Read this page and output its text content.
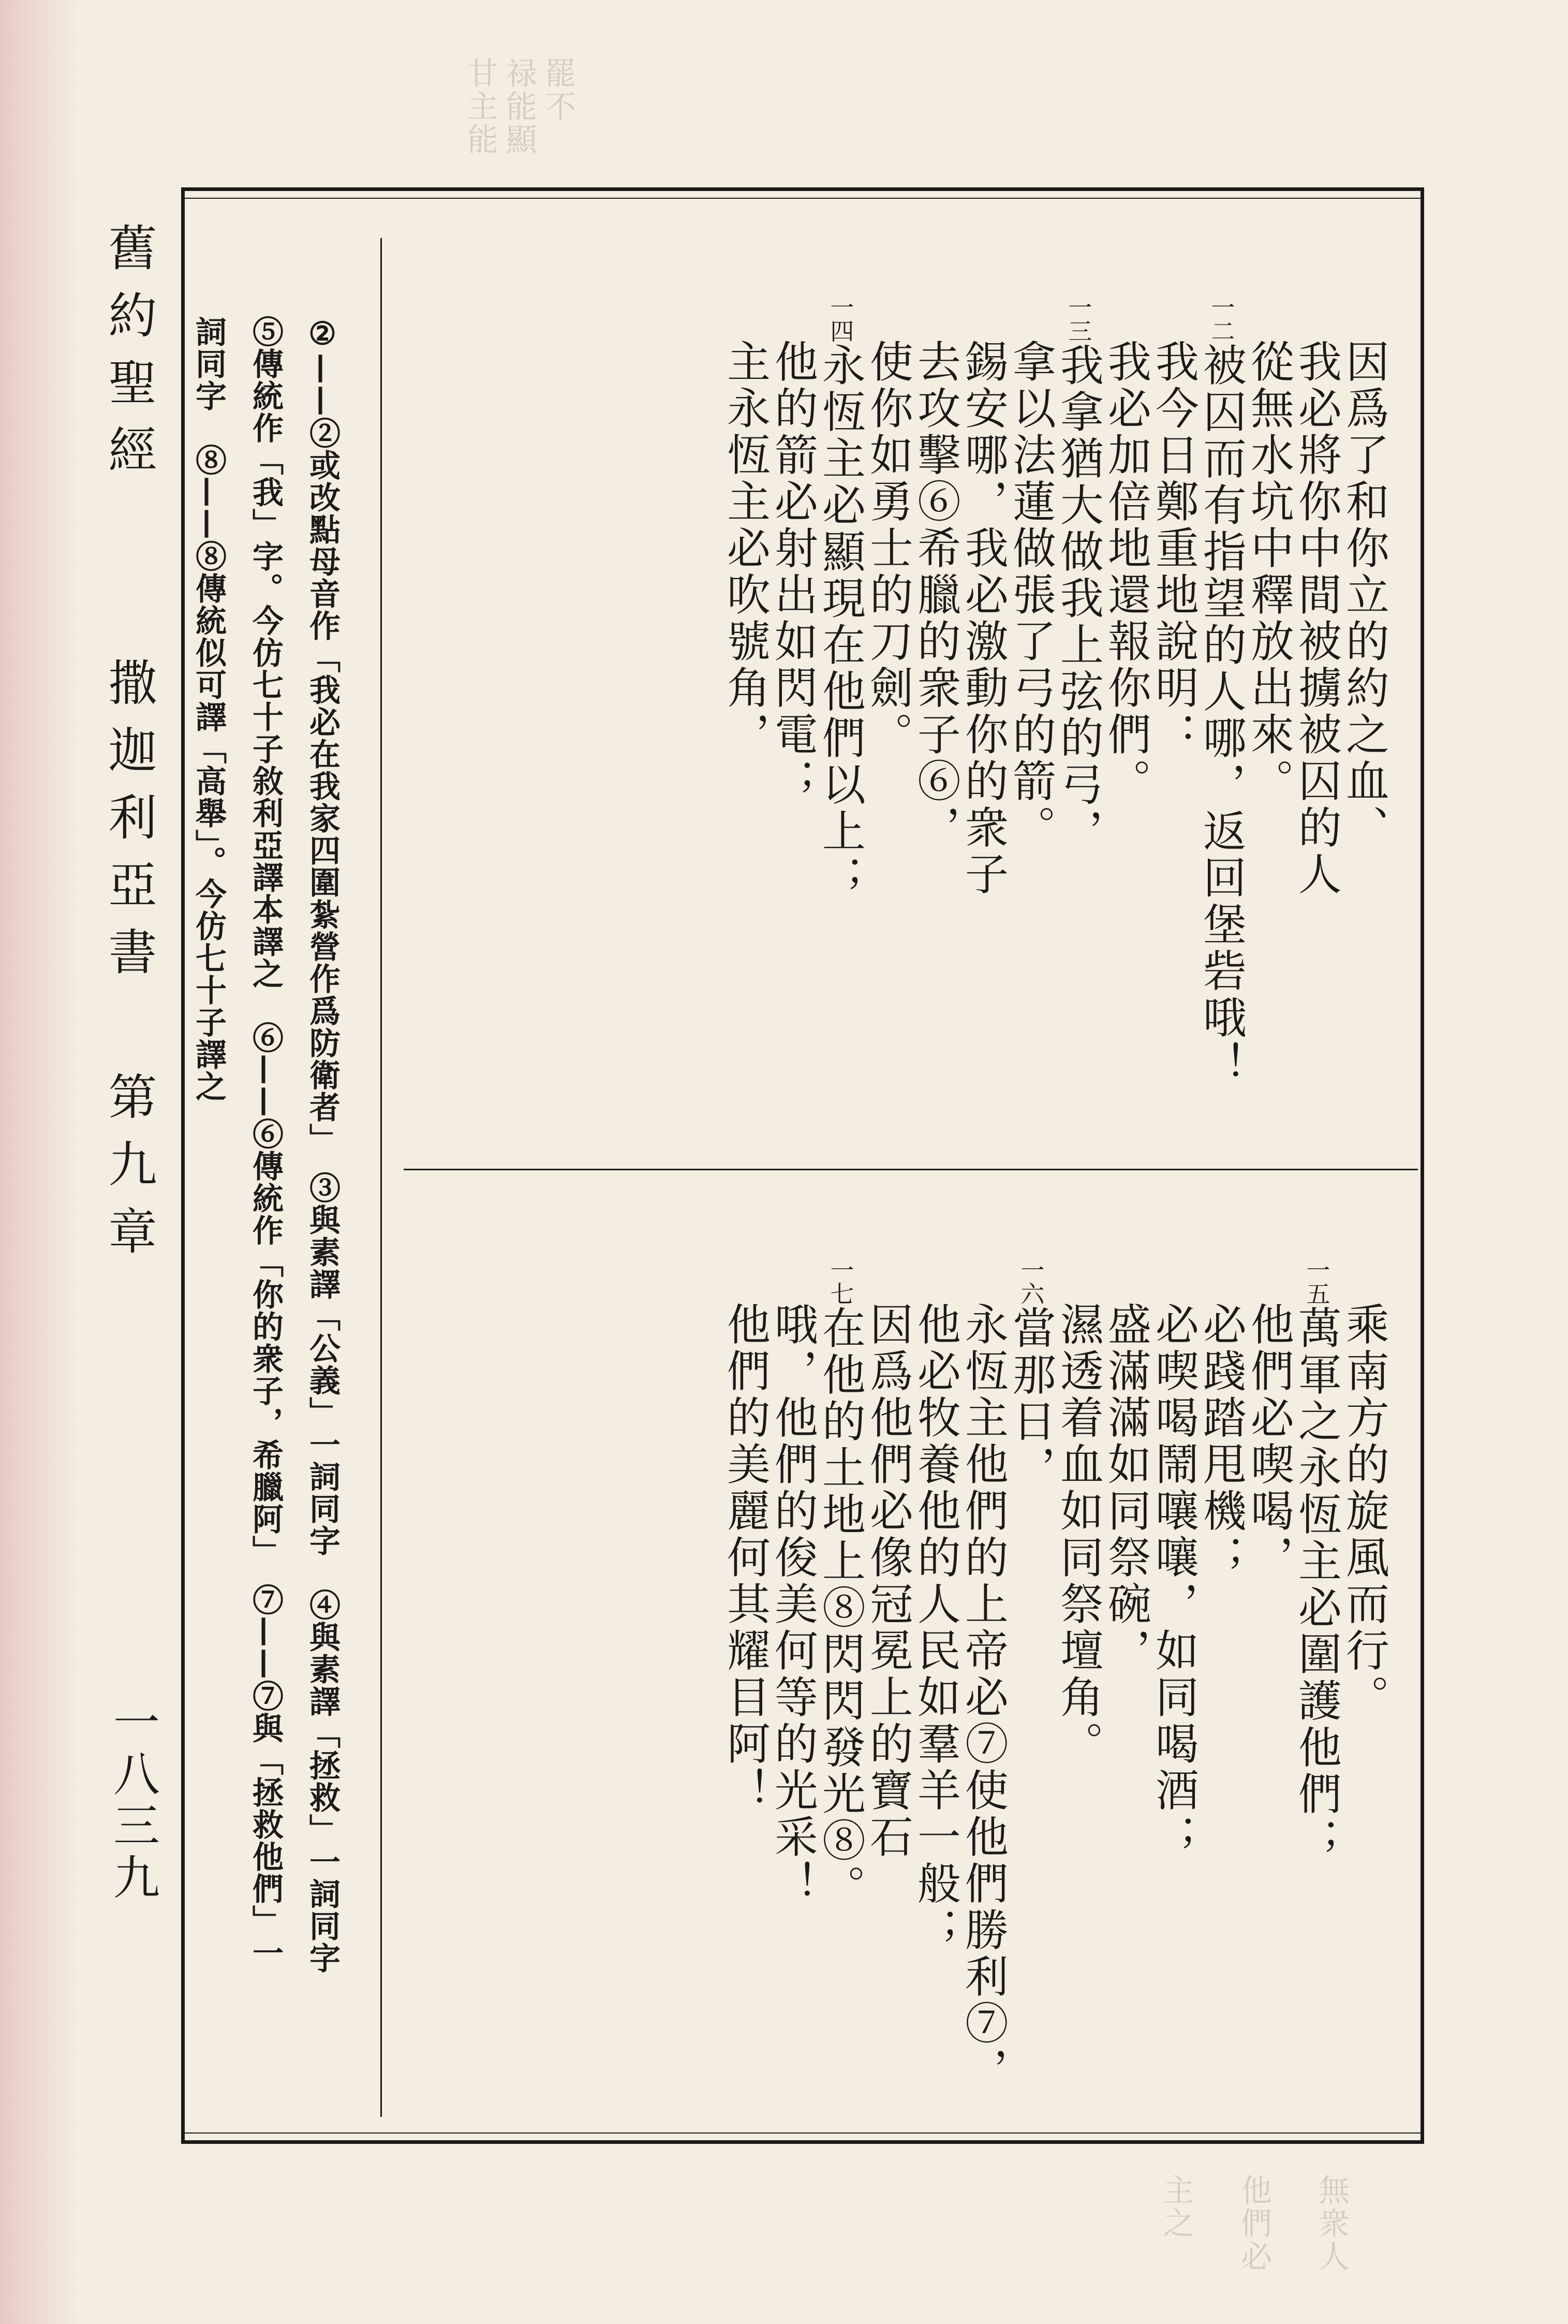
甘主能 禄能顯 罷不
主之 他們必 無衆人
舊約聖經
撒迦利亞書
第九章
一八三九
因爲了和你立的約之血、
我必將你中間被擄被囚的人
從無水坑中釋放出來。
一二被囚而有指望的人哪，返回堡砦哦！
我今日鄭重地說明：
我必加倍地還報你們。
一三我拿猶大做我上弦的弓，
拿以法蓮做張了弓的箭。
錫安哪，我必激動你的衆子
去攻擊⑥希臘的衆子⑥，
使你如勇士的刀劍。
一四永恆主必顯現在他們以上；
他的箭必射出如閃電；
主永恆主必吹號角，
乘南方的旋風而行。
一五萬軍之永恆主必圍護他們；
他們必喫喝，
必踐踏甩機；
必喫喝鬧嚷嚷，如同喝酒；
盛滿滿如同祭碗，
濕透着血如同祭壇角。
一六當那日，
永恆主他們的上帝必⑦使他們勝利⑦，
他必牧養他的人民如羣羊一般；
因爲他們必像冠冕上的寶石
一七在他的土地上⑧閃閃發光⑧。
哦，他們的俊美何等的光采！
他們的美麗何其耀目阿！
②——②或改點母音作「我必在我家四圍紮營作爲防衛者」　③與素譯「公義」一詞同字　④與素譯「拯救」一詞同字
⑤傳統作「我」字。今仿七十子敘利亞譯本譯之　⑥——⑥傳統作「你的衆子，希臘阿」　⑦——⑦與「拯救他們」一
詞同字　⑧——⑧傳統似可譯「高舉」。今仿七十子譯之
